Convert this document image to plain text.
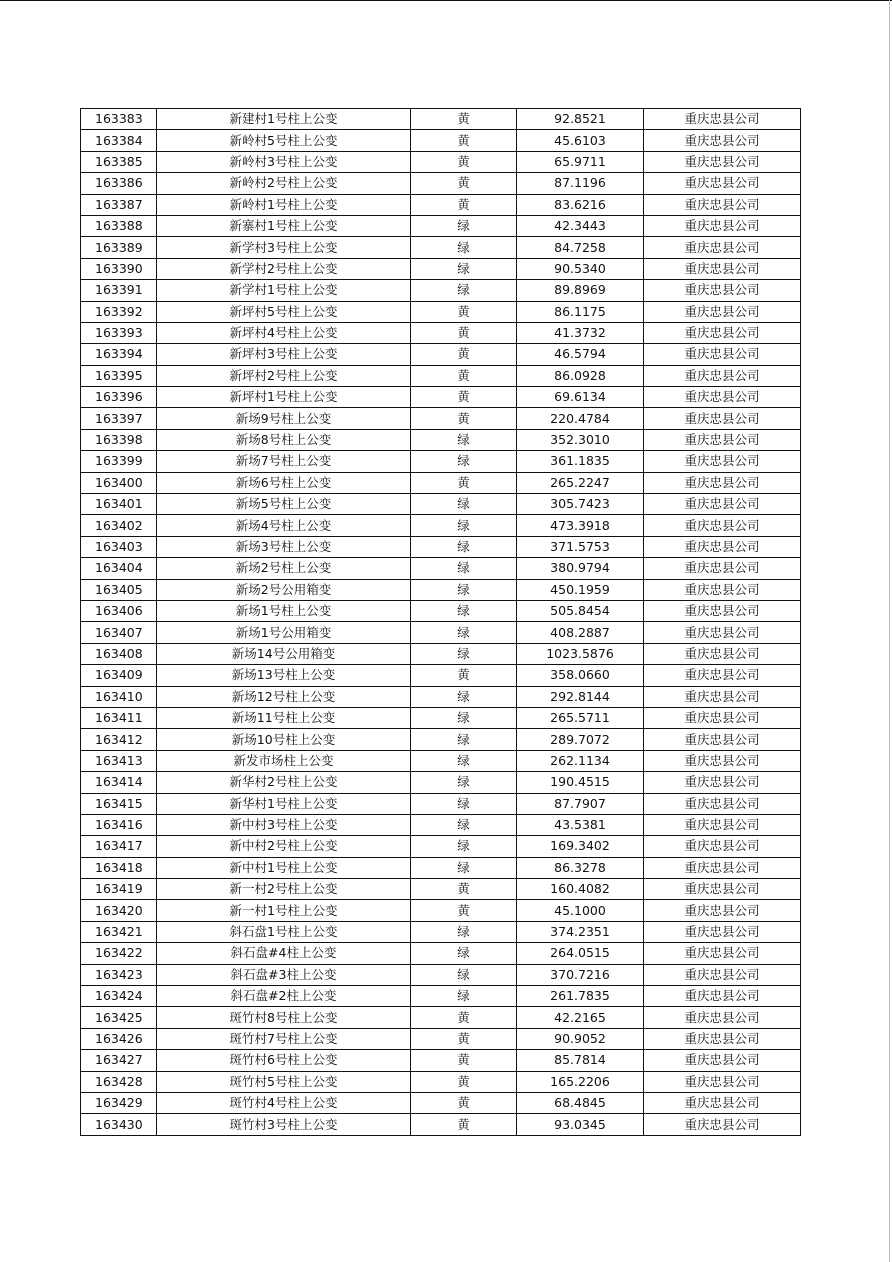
163383	新建村1号柱上公变	黄	92.8521	重庆忠县公司
163384	新岭村5号柱上公变	黄	45.6103	重庆忠县公司
163385	新岭村3号柱上公变	黄	65.9711	重庆忠县公司
163386	新岭村2号柱上公变	黄	87.1196	重庆忠县公司
163387	新岭村1号柱上公变	黄	83.6216	重庆忠县公司
163388	新寨村1号柱上公变	绿	42.3443	重庆忠县公司
163389	新学村3号柱上公变	绿	84.7258	重庆忠县公司
163390	新学村2号柱上公变	绿	90.5340	重庆忠县公司
163391	新学村1号柱上公变	绿	89.8969	重庆忠县公司
163392	新坪村5号柱上公变	黄	86.1175	重庆忠县公司
163393	新坪村4号柱上公变	黄	41.3732	重庆忠县公司
163394	新坪村3号柱上公变	黄	46.5794	重庆忠县公司
163395	新坪村2号柱上公变	黄	86.0928	重庆忠县公司
163396	新坪村1号柱上公变	黄	69.6134	重庆忠县公司
163397	新场9号柱上公变	黄	220.4784	重庆忠县公司
163398	新场8号柱上公变	绿	352.3010	重庆忠县公司
163399	新场7号柱上公变	绿	361.1835	重庆忠县公司
163400	新场6号柱上公变	黄	265.2247	重庆忠县公司
163401	新场5号柱上公变	绿	305.7423	重庆忠县公司
163402	新场4号柱上公变	绿	473.3918	重庆忠县公司
163403	新场3号柱上公变	绿	371.5753	重庆忠县公司
163404	新场2号柱上公变	绿	380.9794	重庆忠县公司
163405	新场2号公用箱变	绿	450.1959	重庆忠县公司
163406	新场1号柱上公变	绿	505.8454	重庆忠县公司
163407	新场1号公用箱变	绿	408.2887	重庆忠县公司
163408	新场14号公用箱变	绿	1023.5876	重庆忠县公司
163409	新场13号柱上公变	黄	358.0660	重庆忠县公司
163410	新场12号柱上公变	绿	292.8144	重庆忠县公司
163411	新场11号柱上公变	绿	265.5711	重庆忠县公司
163412	新场10号柱上公变	绿	289.7072	重庆忠县公司
163413	新发市场柱上公变	绿	262.1134	重庆忠县公司
163414	新华村2号柱上公变	绿	190.4515	重庆忠县公司
163415	新华村1号柱上公变	绿	87.7907	重庆忠县公司
163416	新中村3号柱上公变	绿	43.5381	重庆忠县公司
163417	新中村2号柱上公变	绿	169.3402	重庆忠县公司
163418	新中村1号柱上公变	绿	86.3278	重庆忠县公司
163419	新一村2号柱上公变	黄	160.4082	重庆忠县公司
163420	新一村1号柱上公变	黄	45.1000	重庆忠县公司
163421	斜石盘1号柱上公变	绿	374.2351	重庆忠县公司
163422	斜石盘#4柱上公变	绿	264.0515	重庆忠县公司
163423	斜石盘#3柱上公变	绿	370.7216	重庆忠县公司
163424	斜石盘#2柱上公变	绿	261.7835	重庆忠县公司
163425	斑竹村8号柱上公变	黄	42.2165	重庆忠县公司
163426	斑竹村7号柱上公变	黄	90.9052	重庆忠县公司
163427	斑竹村6号柱上公变	黄	85.7814	重庆忠县公司
163428	斑竹村5号柱上公变	黄	165.2206	重庆忠县公司
163429	斑竹村4号柱上公变	黄	68.4845	重庆忠县公司
163430	斑竹村3号柱上公变	黄	93.0345	重庆忠县公司
